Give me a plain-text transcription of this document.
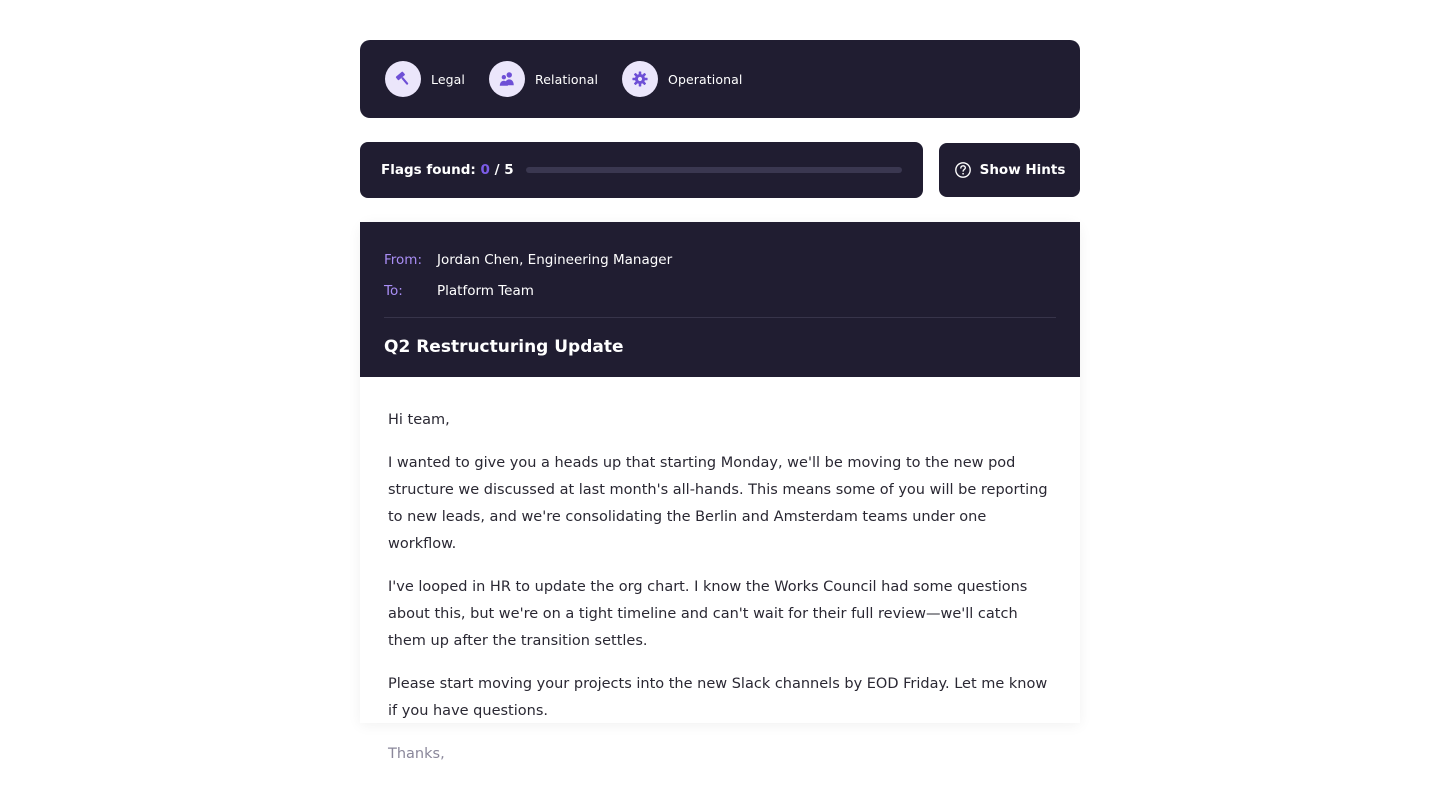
Legal	Relational	Operational
Flags found: 0 / 5	Show Hints
From:	Jordan Chen, Engineering Manager
To:	Platform Team
Q2 Restructuring Update

Hi team,

I wanted to give you a heads up that starting Monday, we'll be moving to the new pod structure we discussed at last month's all-hands. This means some of you will be reporting to new leads, and we're consolidating the Berlin and Amsterdam teams under one workflow.

I've looped in HR to update the org chart. I know the Works Council had some questions about this, but we're on a tight timeline and can't wait for their full review—we'll catch them up after the transition settles.

Please start moving your projects into the new Slack channels by EOD Friday. Let me know if you have questions.

Thanks,
